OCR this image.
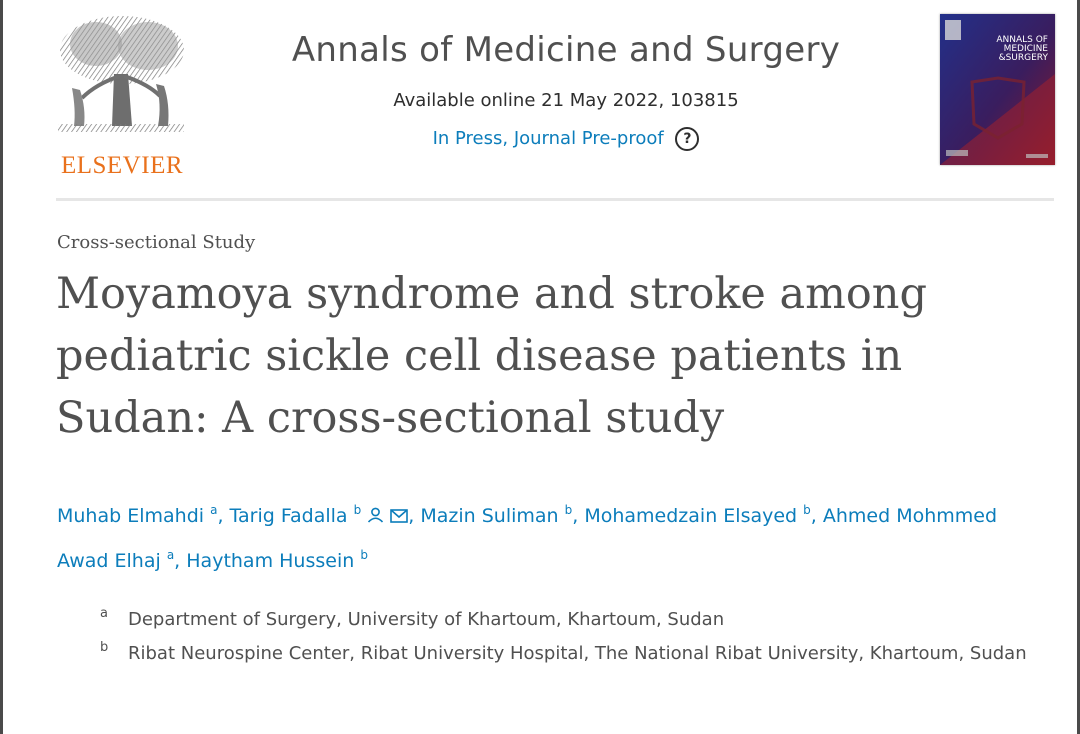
ELSEVIER
Annals of Medicine and Surgery
Available online 21 May 2022, 103815
In Press, Journal Pre-proof ?
ANNALS OF
MEDICINE
&SURGERY
Cross-sectional Study
Moyamoya syndrome and stroke among pediatric sickle cell disease patients in Sudan: A cross-sectional study
Muhab Elmahdi $^a$, Tarig Fadalla $^b$ , Mazin Suliman $^b$, Mohamedzain Elsayed $^b$, Ahmed Mohmmed Awad Elhaj $^a$, Haytham Hussein $^b$
a Department of Surgery, University of Khartoum, Khartoum, Sudan
b Ribat Neurospine Center, Ribat University Hospital, The National Ribat University, Khartoum, Sudan
